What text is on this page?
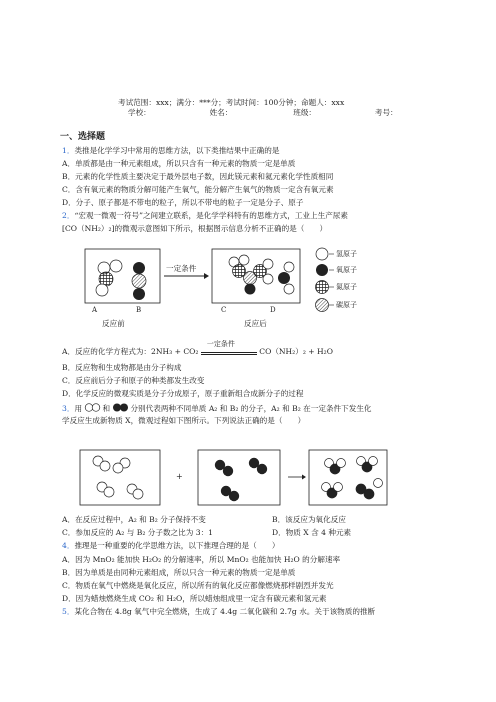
考试范围：xxx；满分：***分；考试时间：100分钟；命题人：xxx
学校：	姓名：	班级：	考号：
一、选择题
1．类推是化学学习中常用的思维方法，以下类推结果中正确的是
A．单质都是由一种元素组成，所以只含有一种元素的物质一定是单质
B．元素的化学性质主要决定于最外层电子数，因此镁元素和氦元素化学性质相同
C．含有氧元素的物质分解可能产生氧气，能分解产生氧气的物质一定含有氧元素
D．分子、原子都是不带电的粒子，所以不带电的粒子一定是分子、原子
2．“宏观一微观一符号”之间建立联系，是化学学科特有的思维方式，工业上生产尿素
[CO（NH₂）₂]的微观示意图如下所示，根据图示信息分析不正确的是（　　）
一定条件
A	B	C	D
反应前	反应后
氢原子
氧原子
氮原子
碳原子
A．反应的化学方程式为：2NH₃ + CO₂
一定条件
CO（NH₂）₂ + H₂O
B．反应物和生成物都是由分子构成
C．反应前后分子和原子的种类都发生改变
D．化学反应的微观实质是分子分成原子，原子重新组合成新分子的过程
3．用	和	分别代表两种不同单质 A₂ 和 B₂ 的分子，A₂ 和 B₂ 在一定条件下发生化
学反应生成新物质 X，微观过程如下图所示。下列说法正确的是（　　）
+
A．在反应过程中，A₂ 和 B₂ 分子保持不变	B．该反应为氧化反应
C．参加反应的 A₂ 与 B₂ 分子数之比为 3：1	D．物质 X 含 4 种元素
4．推理是一种重要的化学思维方法，以下推理合理的是（　　）
A．因为 MnO₂ 能加快 H₂O₂ 的分解速率，所以 MnO₂ 也能加快 H₂O 的分解速率
B．因为单质是由同种元素组成，所以只含一种元素的物质一定是单质
C．物质在氧气中燃烧是氧化反应，所以所有的氧化反应都像燃烧那样剧烈并发光
D．因为蜡烛燃烧生成 CO₂ 和 H₂O，所以蜡烛组成里一定含有碳元素和氢元素
5．某化合物在 4.8g 氧气中完全燃烧，生成了 4.4g 二氧化碳和 2.7g 水。关于该物质的推断
